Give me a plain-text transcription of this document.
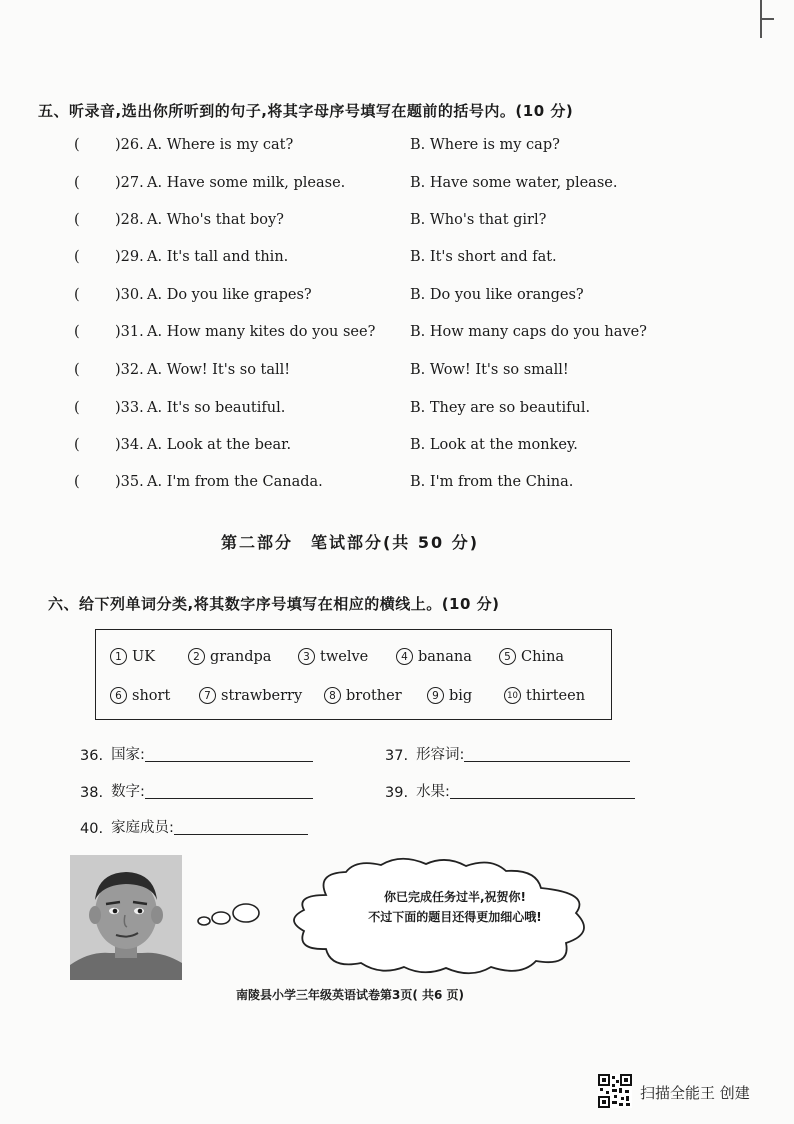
五、听录音,选出你所听到的句子,将其字母序号填写在题前的括号内。(10 分)
( )26. A. Where is my cat?	B. Where is my cap?
( )27. A. Have some milk, please.	B. Have some water, please.
( )28. A. Who's that boy?	B. Who's that girl?
( )29. A. It's tall and thin.	B. It's short and fat.
( )30. A. Do you like grapes?	B. Do you like oranges?
( )31. A. How many kites do you see? B. How many caps do you have?
( )32. A. Wow! It's so tall!	B. Wow! It's so small!
( )33. A. It's so beautiful.	B. They are so beautiful.
( )34. A. Look at the bear.	B. Look at the monkey.
( )35. A. I'm from the Canada.	B. I'm from the China.
第二部分　笔试部分(共 50 分)
六、给下列单词分类,将其数字序号填写在相应的横线上。(10 分)
1 UK	2 grandpa	3 twelve	4 banana	5 China
6 short	7 strawberry	8 brother	9 big	10 thirteen
36. 国家:	37. 形容词:
38. 数字:	39. 水果:
40. 家庭成员:
你已完成任务过半,祝贺你!
不过下面的题目还得更加细心哦!
南陵县小学三年级英语试卷第3页( 共6 页)
扫描全能王 创建
